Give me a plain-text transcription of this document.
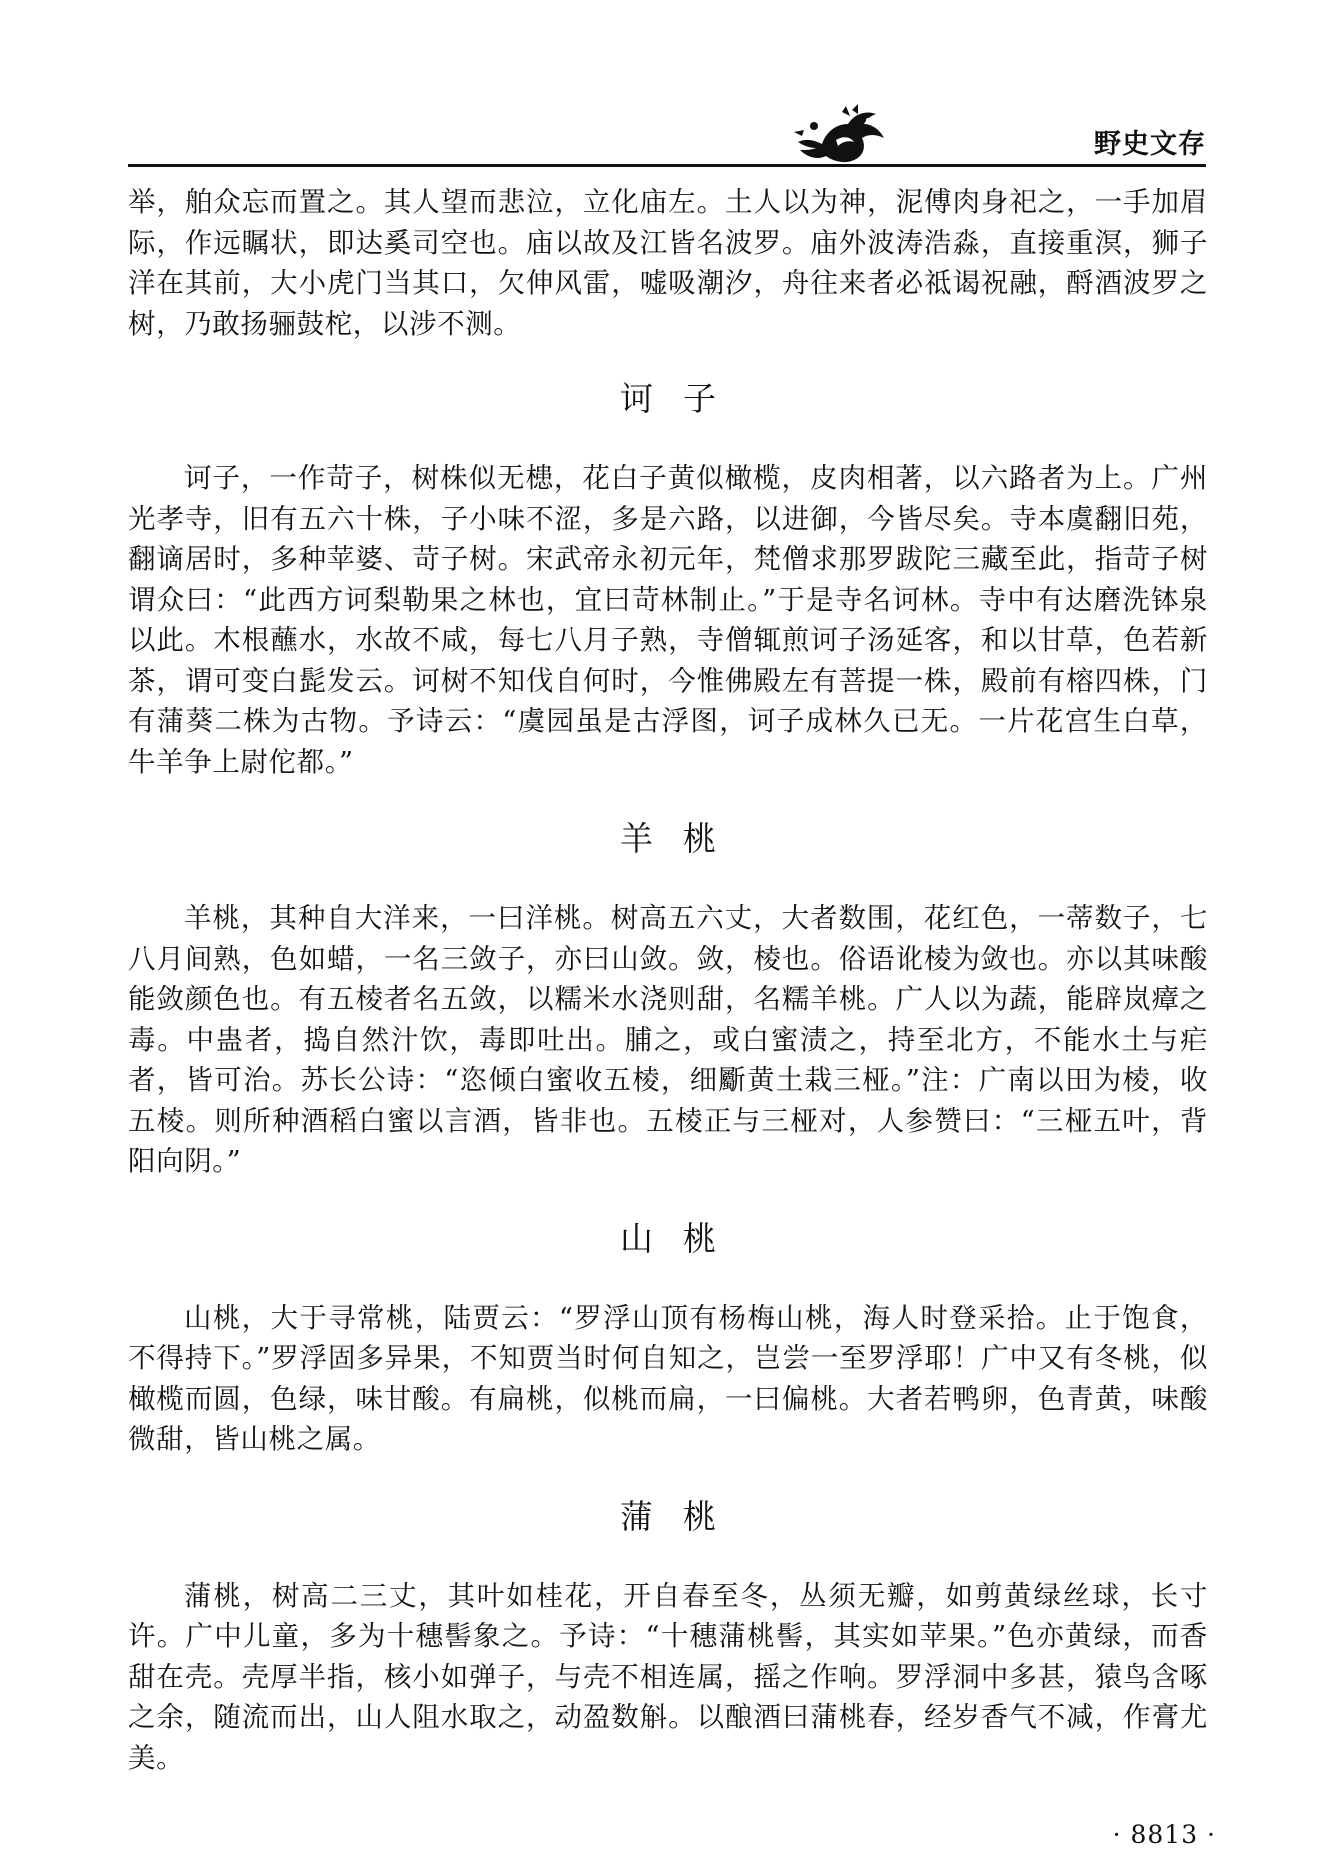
野史文存

举，舶众忘而置之。其人望而悲泣，立化庙左。土人以为神，泥傅肉身祀之，一手加眉际，作远瞩状，即达奚司空也。庙以故及江皆名波罗。庙外波涛浩淼，直接重溟，狮子洋在其前，大小虎门当其口，欠伸风雷，嘘吸潮汐，舟往来者必祗谒祝融，酹酒波罗之树，乃敢扬骊鼓柁，以涉不测。

诃子

诃子，一作苛子，树株似无槵，花白子黄似橄榄，皮肉相著，以六路者为上。广州光孝寺，旧有五六十株，子小味不涩，多是六路，以进御，今皆尽矣。寺本虞翻旧苑，翻谪居时，多种苹婆、苛子树。宋武帝永初元年，梵僧求那罗跋陀三藏至此，指苛子树谓众曰：“此西方诃梨勒果之林也，宜曰苛林制止。”于是寺名诃林。寺中有达磨洗钵泉以此。木根蘸水，水故不咸，每七八月子熟，寺僧辄煎诃子汤延客，和以甘草，色若新茶，谓可变白髭发云。诃树不知伐自何时，今惟佛殿左有菩提一株，殿前有榕四株，门有蒲葵二株为古物。予诗云：“虞园虽是古浮图，诃子成林久已无。一片花宫生白草，牛羊争上尉佗都。”

羊桃

羊桃，其种自大洋来，一曰洋桃。树高五六丈，大者数围，花红色，一蒂数子，七八月间熟，色如蜡，一名三敛子，亦曰山敛。敛，棱也。俗语讹棱为敛也。亦以其味酸能敛颜色也。有五棱者名五敛，以糯米水浇则甜，名糯羊桃。广人以为蔬，能辟岚瘴之毒。中蛊者，捣自然汁饮，毒即吐出。脯之，或白蜜渍之，持至北方，不能水土与疟者，皆可治。苏长公诗：“恣倾白蜜收五棱，细斸黄土栽三桠。”注：广南以田为棱，收五棱。则所种酒稻白蜜以言酒，皆非也。五棱正与三桠对，人参赞曰：“三桠五叶，背阳向阴。”

山桃

山桃，大于寻常桃，陆贾云：“罗浮山顶有杨梅山桃，海人时登采拾。止于饱食，不得持下。”罗浮固多异果，不知贾当时何自知之，岂尝一至罗浮耶！广中又有冬桃，似橄榄而圆，色绿，味甘酸。有扁桃，似桃而扁，一曰偏桃。大者若鸭卵，色青黄，味酸微甜，皆山桃之属。

蒲桃

蒲桃，树高二三丈，其叶如桂花，开自春至冬，丛须无瓣，如剪黄绿丝球，长寸许。广中儿童，多为十穗髻象之。予诗：“十穗蒲桃髻，其实如苹果。”色亦黄绿，而香甜在壳。壳厚半指，核小如弹子，与壳不相连属，摇之作响。罗浮洞中多甚，猿鸟含啄之余，随流而出，山人阻水取之，动盈数斛。以酿酒曰蒲桃春，经岁香气不减，作膏尤美。

· 8813 ·
